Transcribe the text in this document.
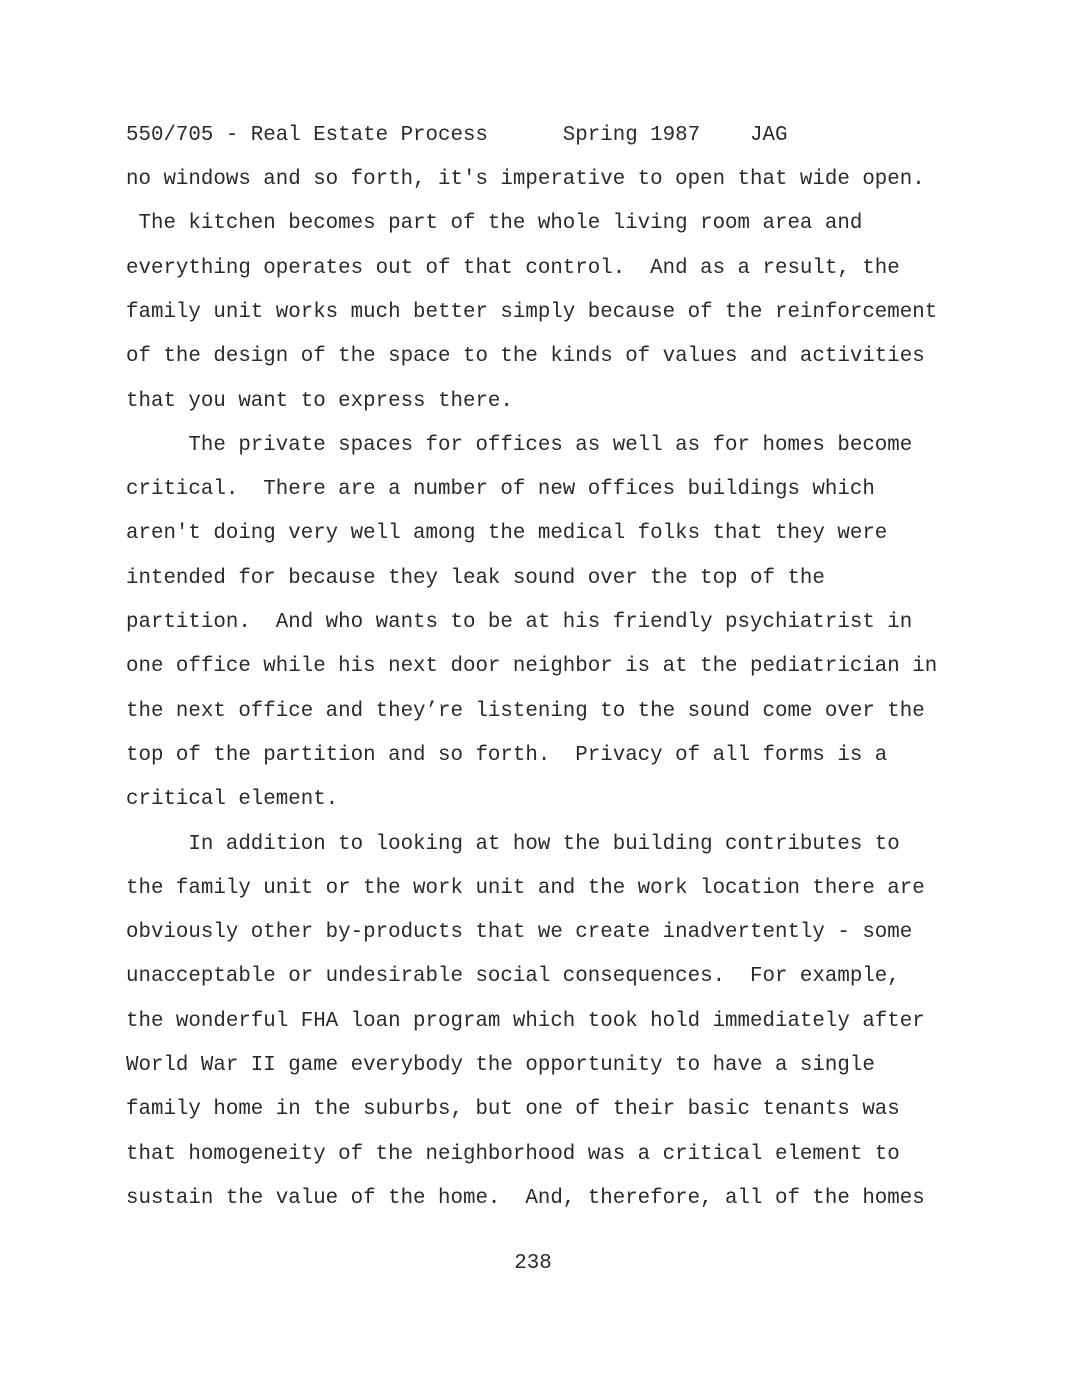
550/705 - Real Estate Process      Spring 1987    JAG
no windows and so forth, it's imperative to open that wide open.
The kitchen becomes part of the whole living room area and
everything operates out of that control.  And as a result, the
family unit works much better simply because of the reinforcement
of the design of the space to the kinds of values and activities
that you want to express there.
The private spaces for offices as well as for homes become
critical.  There are a number of new offices buildings which
aren't doing very well among the medical folks that they were
intended for because they leak sound over the top of the
partition.  And who wants to be at his friendly psychiatrist in
one office while his next door neighbor is at the pediatrician in
the next office and they’re listening to the sound come over the
top of the partition and so forth.  Privacy of all forms is a
critical element.
In addition to looking at how the building contributes to
the family unit or the work unit and the work location there are
obviously other by-products that we create inadvertently - some
unacceptable or undesirable social consequences.  For example,
the wonderful FHA loan program which took hold immediately after
World War II game everybody the opportunity to have a single
family home in the suburbs, but one of their basic tenants was
that homogeneity of the neighborhood was a critical element to
sustain the value of the home.  And, therefore, all of the homes
238
